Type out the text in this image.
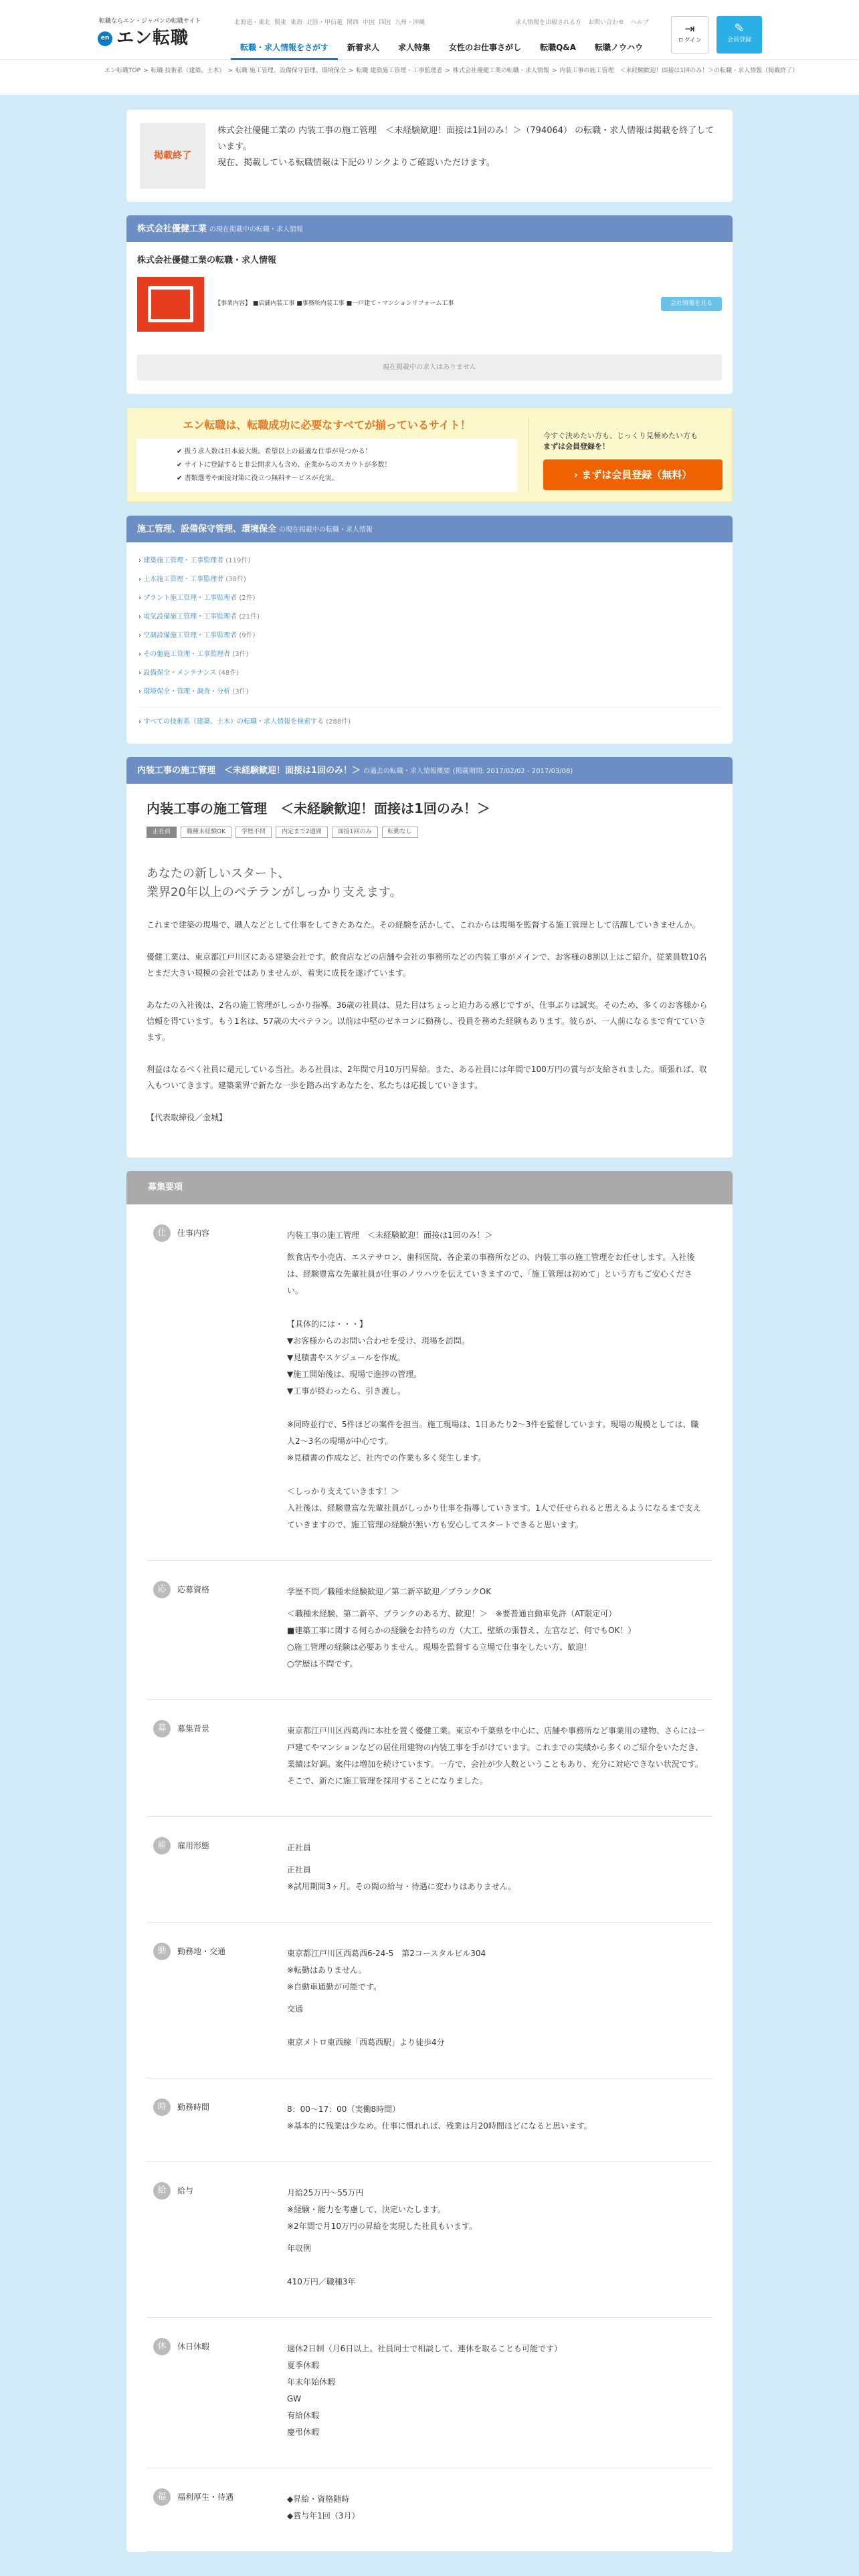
転職ならエン・ジャパンの転職サイト
en エン転職
北海道・東北 関東 東海 北陸・甲信越 関西 中国 四国 九州・沖縄	求人情報を出稿される方 お問い合わせ ヘルプ
転職・求人情報をさがす	新着求人	求人特集	女性のお仕事さがし	転職Q&A	転職ノウハウ
⇥
ログイン
✎
会員登録
エン転職TOP > 転職 技術系（建築、土木） > 転職 施工管理、設備保守管理、環境保全 > 転職 建築施工管理・工事監理者 > 株式会社優健工業の転職・求人情報 > 内装工事の施工管理　＜未経験歓迎！面接は1回のみ！＞の転職・求人情報（掲載終了）
掲載終了
株式会社優健工業の 内装工事の施工管理　＜未経験歓迎！面接は1回のみ！＞（794064） の転職・求人情報は掲載を終了しています。
現在、掲載している転職情報は下記のリンクよりご確認いただけます。
株式会社優健工業 の現在掲載中の転職・求人情報
株式会社優健工業の転職・求人情報
【事業内容】 ■店舗内装工事 ■事務所内装工事 ■一戸建て・マンションリフォーム工事	会社情報を見る
現在掲載中の求人はありません
エン転職は、転職成功に必要なすべてが揃っているサイト！
✔ 扱う求人数は日本最大級。希望以上の最適な仕事が見つかる！
✔ サイトに登録すると非公開求人も含め、企業からのスカウトが多数！
✔ 書類選考や面接対策に役立つ無料サービスが充実。
今すぐ決めたい方も、じっくり見極めたい方も
まずは会員登録を！
› まずは会員登録（無料）
施工管理、設備保守管理、環境保全 の現在掲載中の転職・求人情報
› 建築施工管理・工事監理者 (119件)
› 土木施工管理・工事監理者 (38件)
› プラント施工管理・工事監理者 (2件)
› 電気設備施工管理・工事監理者 (21件)
› 空調設備施工管理・工事監理者 (9件)
› その他施工管理・工事監理者 (3件)
› 設備保全・メンテナンス (48件)
› 環境保全・管理・調査・分析 (3件)
› すべての技術系（建築、土木）の転職・求人情報を検索する (288件)
内装工事の施工管理　＜未経験歓迎！面接は1回のみ！＞ の過去の転職・求人情報概要 (掲載期間: 2017/02/02 - 2017/03/08)
内装工事の施工管理　＜未経験歓迎！面接は1回のみ！＞
正社員	職種未経験OK	学歴不問	内定まで2週間	面接1回のみ	転勤なし
あなたの新しいスタート、
業界20年以上のベテランがしっかり支えます。

これまで建築の現場で、職人などとして仕事をしてきたあなた。その経験を活かして、これからは現場を監督する施工管理として活躍していきませんか。

優健工業は、東京都江戸川区にある建築会社です。飲食店などの店舗や会社の事務所などの内装工事がメインで、お客様の8割以上はご紹介。従業員数10名とまだ大きい規模の会社ではありませんが、着実に成長を遂げています。

あなたの入社後は、2名の施工管理がしっかり指導。36歳の社員は、見た目はちょっと迫力ある感じですが、仕事ぶりは誠実。そのため、多くのお客様から信頼を得ています。もう1名は、57歳の大ベテラン。以前は中堅のゼネコンに勤務し、役員を務めた経験もあります。彼らが、一人前になるまで育てていきます。

利益はなるべく社員に還元している当社。ある社員は、2年間で月10万円昇給。また、ある社員には年間で100万円の賞与が支給されました。頑張れば、収入もついてきます。建築業界で新たな一歩を踏み出すあなたを、私たちは応援していきます。

【代表取締役／金城】

募集要項
仕	仕事内容	内装工事の施工管理　＜未経験歓迎！面接は1回のみ！＞
飲食店や小売店、エステサロン、歯科医院、各企業の事務所などの、内装工事の施工管理をお任せします。入社後は、経験豊富な先輩社員が仕事のノウハウを伝えていきますので、「施工管理は初めて」という方もご安心ください。

【具体的には・・・】
▼お客様からのお問い合わせを受け、現場を訪問。
▼見積書やスケジュールを作成。
▼施工開始後は、現場で進捗の管理。
▼工事が終わったら、引き渡し。

※同時並行で、5件ほどの案件を担当。施工現場は、1日あたり2〜3件を監督しています。現場の規模としては、職人2〜3名の現場が中心です。
※見積書の作成など、社内での作業も多く発生します。

＜しっかり支えていきます！＞
入社後は、経験豊富な先輩社員がしっかり仕事を指導していきます。1人で任せられると思えるようになるまで支えていきますので、施工管理の経験が無い方も安心してスタートできると思います。
応	応募資格	学歴不問／職種未経験歓迎／第二新卒歓迎／ブランクOK
＜職種未経験、第二新卒、ブランクのある方、歓迎！＞　※要普通自動車免許（AT限定可）
■建築工事に関する何らかの経験をお持ちの方（大工、壁紙の張替え、左官など、何でもOK！）
○施工管理の経験は必要ありません。現場を監督する立場で仕事をしたい方、歓迎！
○学歴は不問です。
募	募集背景	東京都江戸川区西葛西に本社を置く優健工業。東京や千葉県を中心に、店舗や事務所など事業用の建物、さらには一戸建てやマンションなどの居住用建物の内装工事を手がけています。これまでの実績から多くのご紹介をいただき、業績は好調。案件は増加を続けています。一方で、会社が少人数ということもあり、充分に対応できない状況です。そこで、新たに施工管理を採用することになりました。
雇	雇用形態	正社員
正社員
※試用期間3ヶ月。その間の給与・待遇に変わりはありません。
勤	勤務地・交通	東京都江戸川区西葛西6-24-5　第2コースタルビル304
※転勤はありません。
※自動車通勤が可能です。
交通

東京メトロ東西線「西葛西駅」より徒歩4分
時	勤務時間	8：00〜17：00（実働8時間）
※基本的に残業は少なめ。仕事に慣れれば、残業は月20時間ほどになると思います。
給	給与	月給25万円〜55万円
※経験・能力を考慮して、決定いたします。
※2年間で月10万円の昇給を実現した社員もいます。
年収例

410万円／職種3年
休	休日休暇	週休2日制（月6日以上。社員同士で相談して、連休を取ることも可能です）
夏季休暇
年末年始休暇
GW
有給休暇
慶弔休暇
福	福利厚生・待遇	◆昇給・資格随時
◆賞与年1回（3月）
